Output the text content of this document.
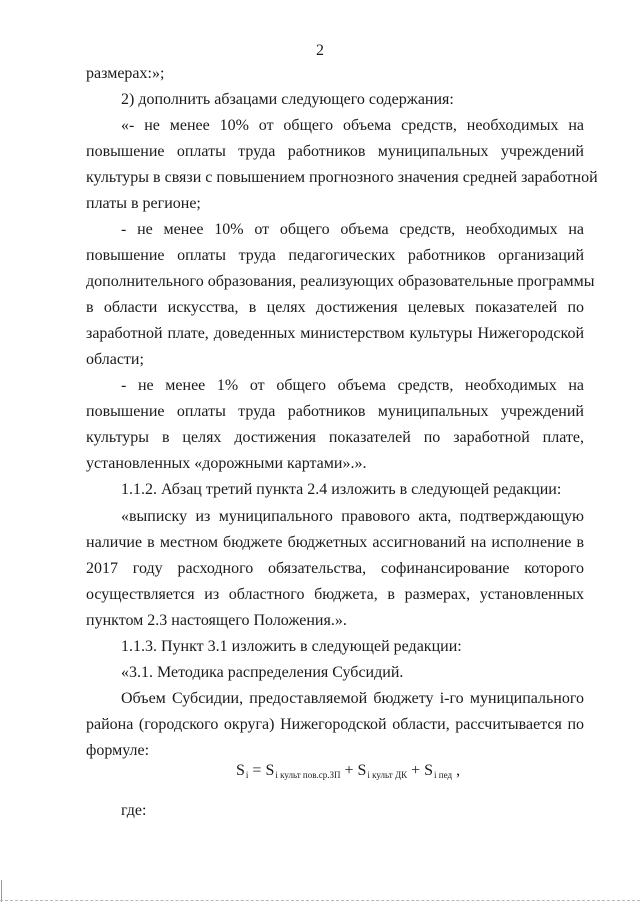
2
размерах:»;
2) дополнить абзацами следующего содержания:
«- не менее 10% от общего объема средств, необходимых на
повышение оплаты труда работников муниципальных учреждений
культуры в связи с повышением прогнозного значения средней заработной
платы в регионе;
- не менее 10% от общего объема средств, необходимых на
повышение оплаты труда педагогических работников организаций
дополнительного образования, реализующих образовательные программы
в области искусства, в целях достижения целевых показателей по
заработной плате, доведенных министерством культуры Нижегородской
области;
- не менее 1% от общего объема средств, необходимых на
повышение оплаты труда работников муниципальных учреждений
культуры в целях достижения показателей по заработной плате,
установленных «дорожными картами».».
1.1.2. Абзац третий пункта 2.4 изложить в следующей редакции:
«выписку из муниципального правового акта, подтверждающую
наличие в местном бюджете бюджетных ассигнований на исполнение в
2017 году расходного обязательства, софинансирование которого
осуществляется из областного бюджета, в размерах, установленных
пунктом 2.3 настоящего Положения.».
1.1.3. Пункт 3.1 изложить в следующей редакции:
«3.1. Методика распределения Субсидий.
Объем Субсидии, предоставляемой бюджету i-го муниципального
района (городского округа) Нижегородской области, рассчитывается по
формуле:
$S_i = S_{i культ пов.ср.ЗП} + S_{i культ ДК} + S_{i пед}$ ,
где:
